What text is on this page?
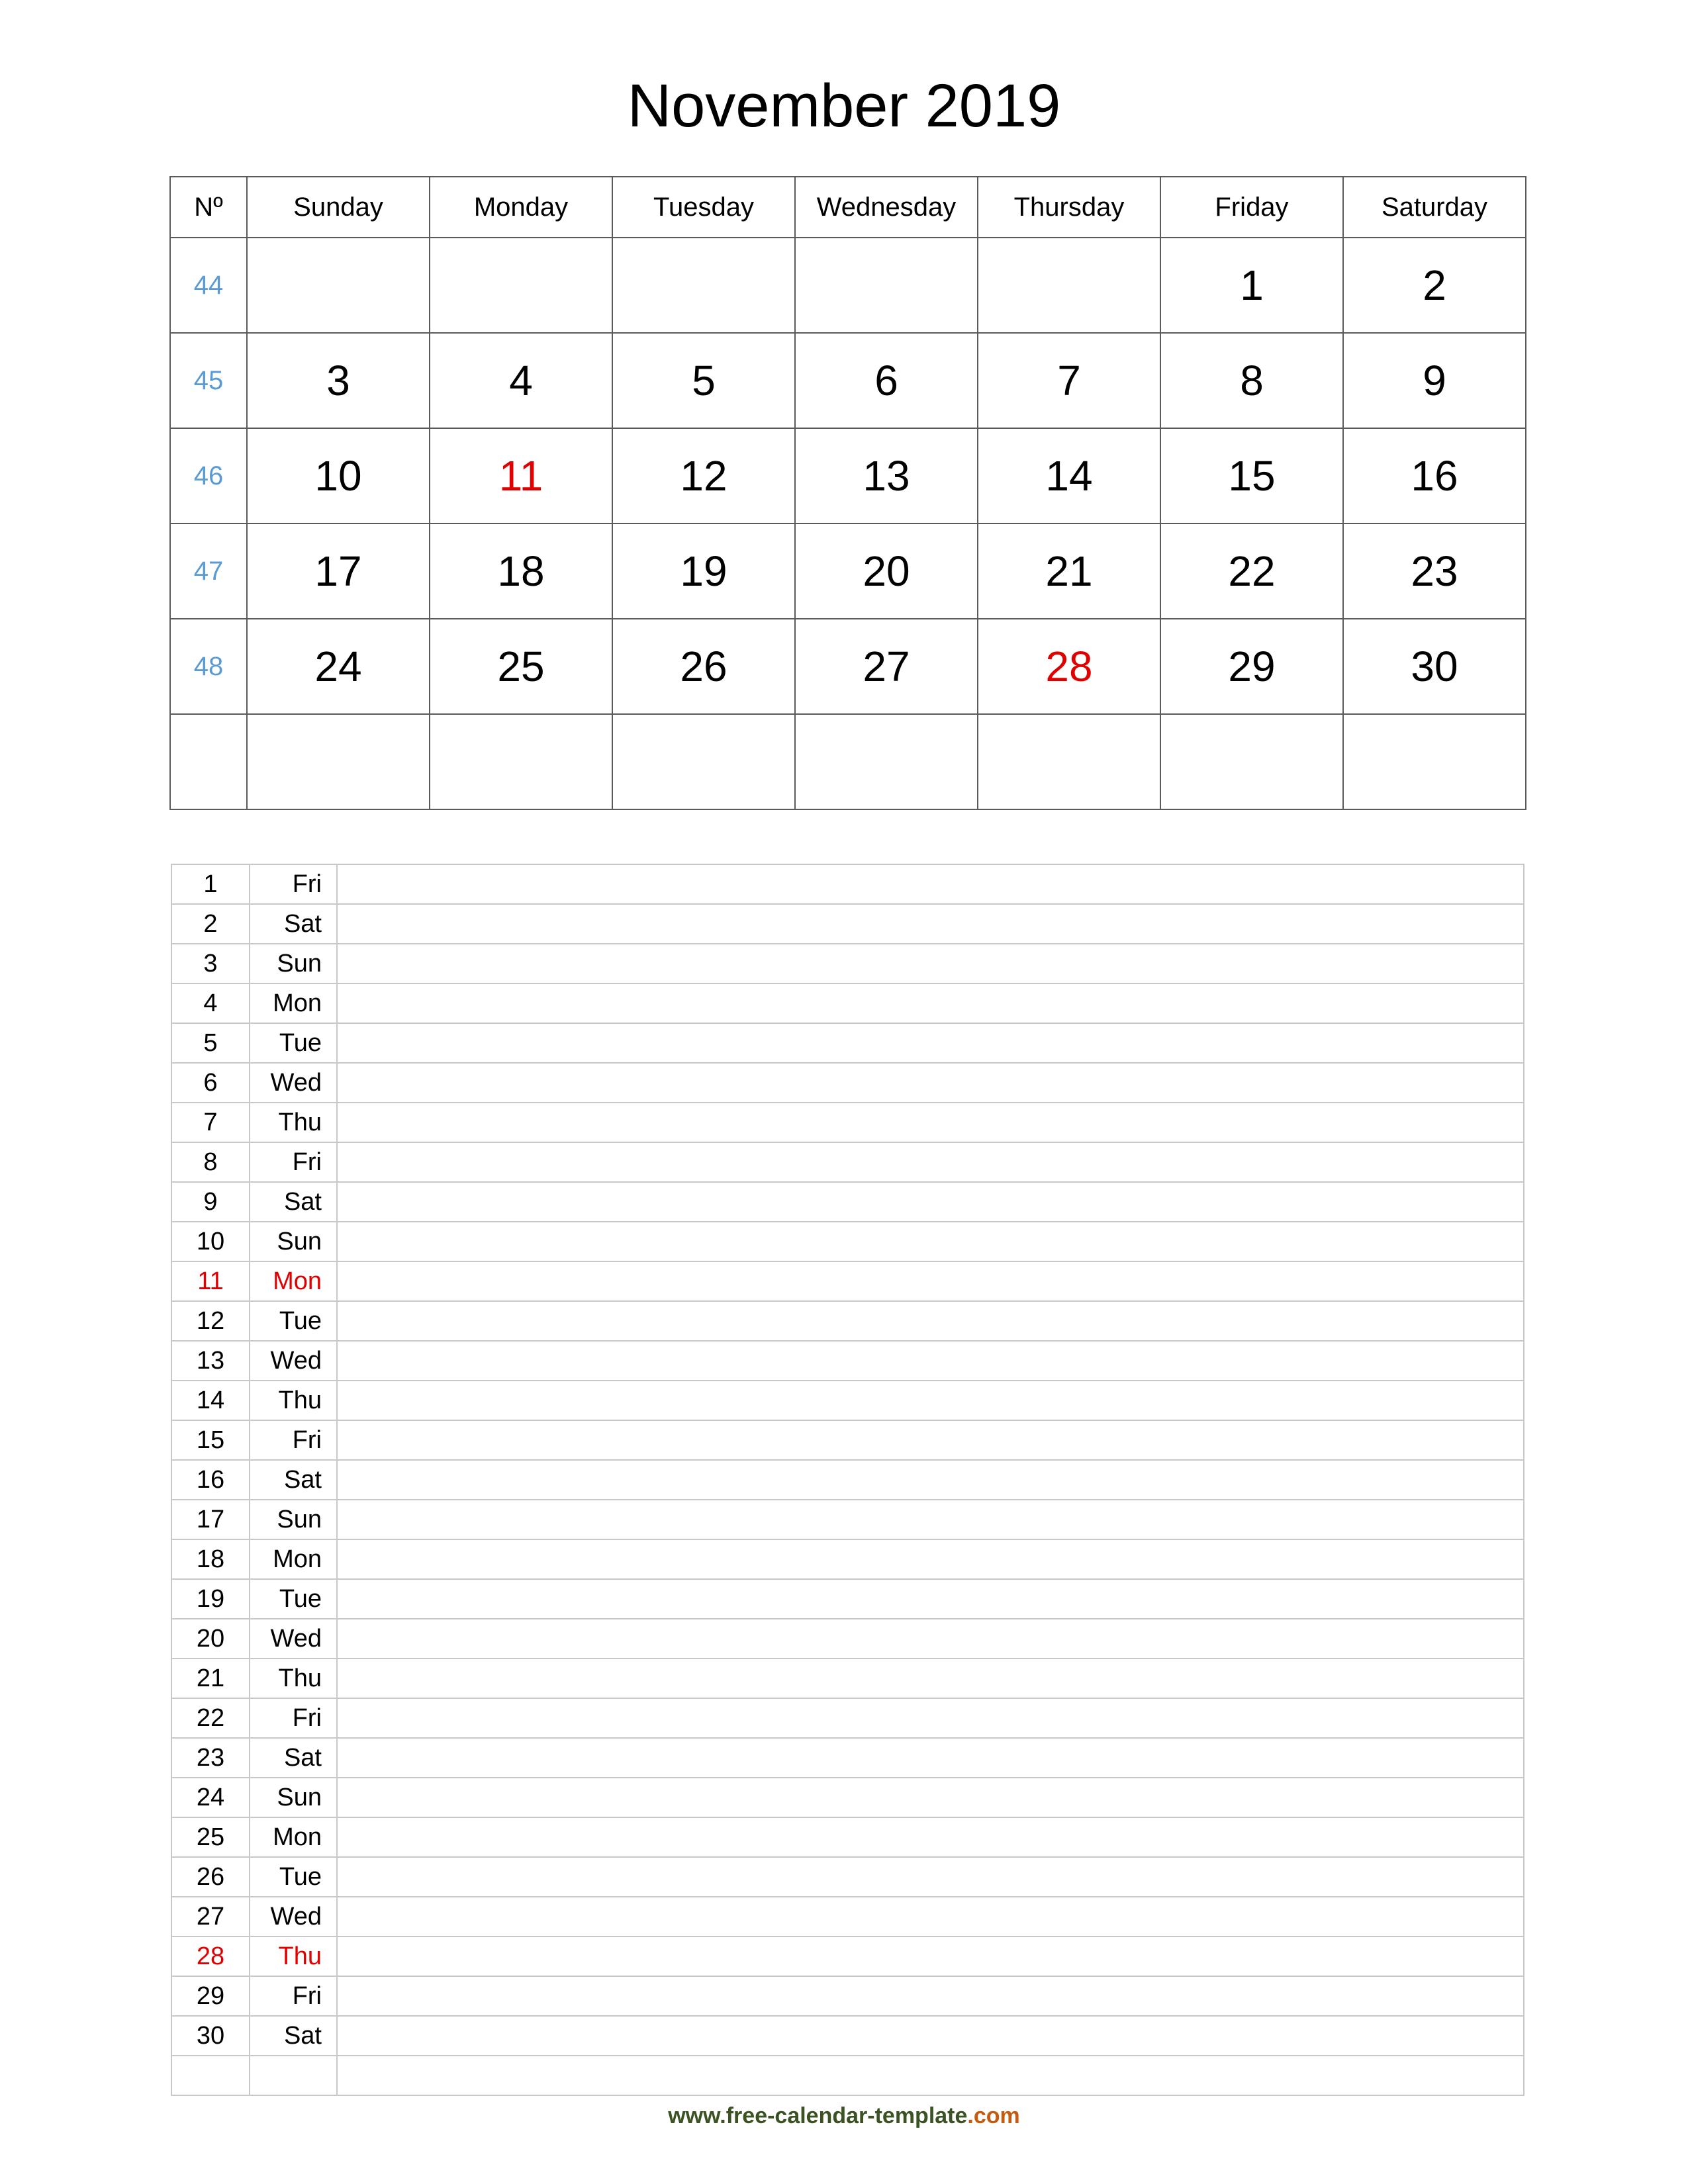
November 2019
Nº	Sunday	Monday	Tuesday	Wednesday	Thursday	Friday	Saturday
44						1	2
45	3	4	5	6	7	8	9
46	10	11	12	13	14	15	16
47	17	18	19	20	21	22	23
48	24	25	26	27	28	29	30

1	Fri	
2	Sat	
3	Sun	
4	Mon	
5	Tue	
6	Wed	
7	Thu	
8	Fri	
9	Sat	
10	Sun	
11	Mon	
12	Tue	
13	Wed	
14	Thu	
15	Fri	
16	Sat	
17	Sun	
18	Mon	
19	Tue	
20	Wed	
21	Thu	
22	Fri	
23	Sat	
24	Sun	
25	Mon	
26	Tue	
27	Wed	
28	Thu	
29	Fri	
30	Sat	

www.free-calendar-template.com
